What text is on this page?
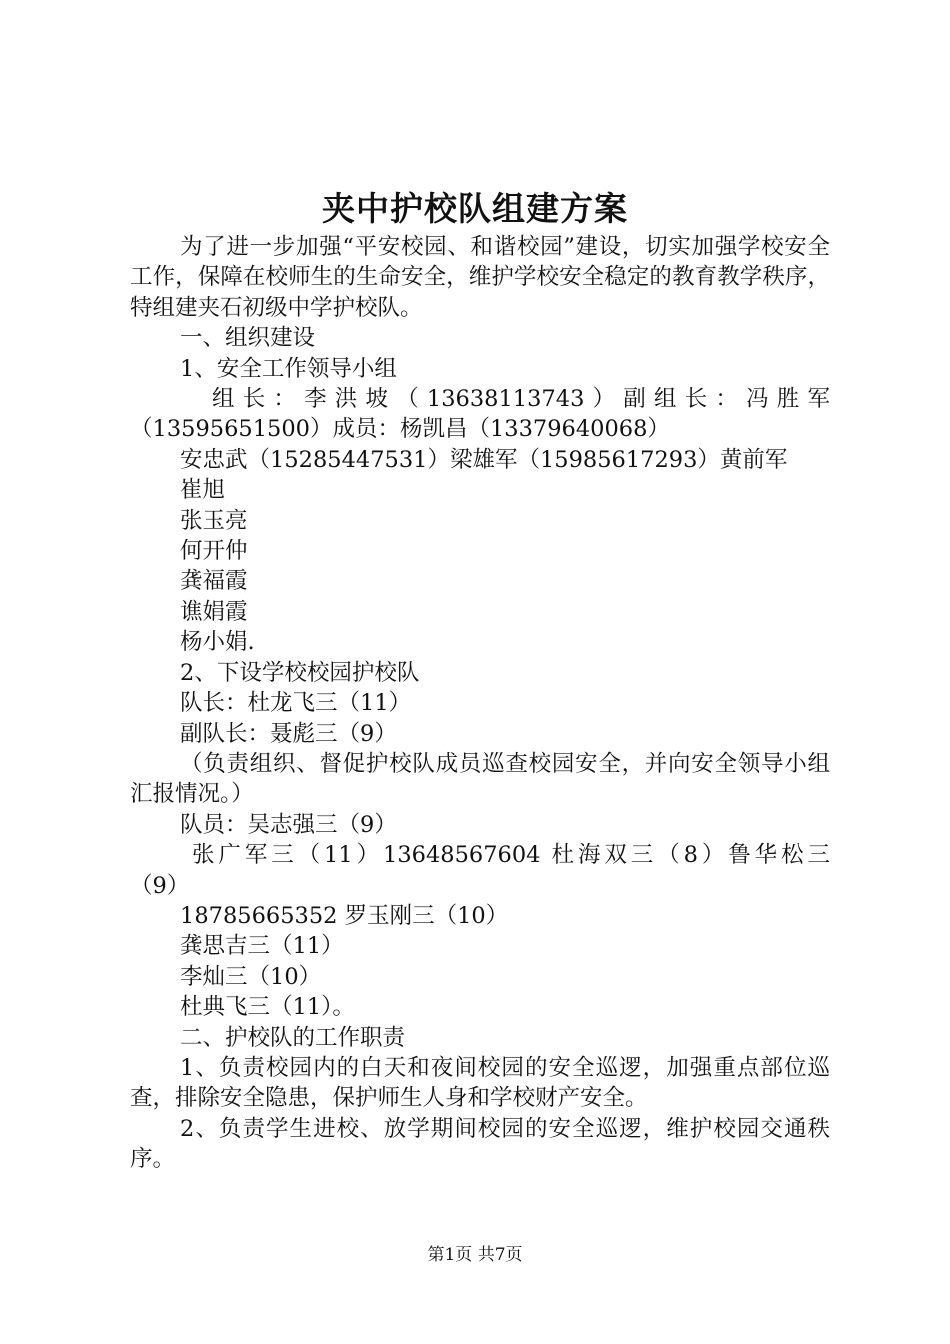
夹中护校队组建方案

为了进一步加强“平安校园、和谐校园”建设，切实加强学校安全工作，保障在校师生的生命安全，维护学校安全稳定的教育教学秩序，特组建夹石初级中学护校队。

一、组织建设

1、安全工作领导小组

组长：李洪坡（13638113743）副组长：冯胜军

（13595651500）成员：杨凯昌（13379640068）

安忠武（15285447531）梁雄军（15985617293）黄前军

崔旭

张玉亮

何开仲

龚福霞

谯娟霞

杨小娟.

2、下设学校校园护校队

队长：杜龙飞三（11）

副队长：聂彪三（9）

（负责组织、督促护校队成员巡查校园安全，并向安全领导小组汇报情况。）

队员：吴志强三（9）

张广军三（11）13648567604 杜海双三（8）鲁华松三

（9）

18785665352 罗玉刚三（10）

龚思吉三（11）

李灿三（10）

杜典飞三（11）。

二、护校队的工作职责

1、负责校园内的白天和夜间校园的安全巡逻，加强重点部位巡查，排除安全隐患，保护师生人身和学校财产安全。

2、负责学生进校、放学期间校园的安全巡逻，维护校园交通秩序。

第1页 共7页
